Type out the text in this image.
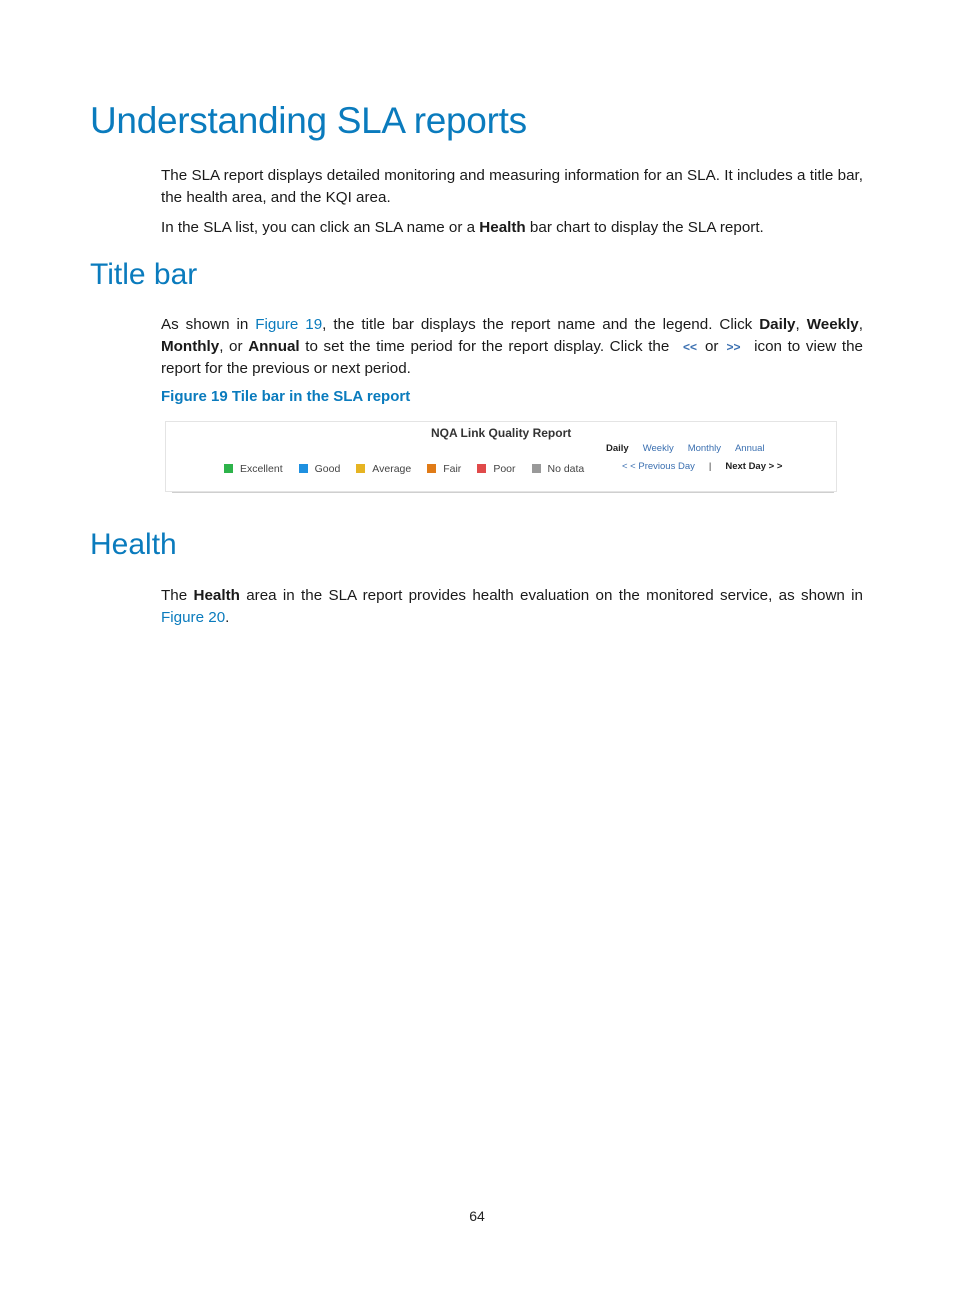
Understanding SLA reports

The SLA report displays detailed monitoring and measuring information for an SLA. It includes a title bar, the health area, and the KQI area.

In the SLA list, you can click an SLA name or a Health bar chart to display the SLA report.

Title bar

As shown in Figure 19, the title bar displays the report name and the legend. Click Daily, Weekly, Monthly, or Annual to set the time period for the report display. Click the << or >> icon to view the report for the previous or next period.

Figure 19 Tile bar in the SLA report

NQA Link Quality Report
Excellent	Good	Average	Fair	Poor	No data
Daily Weekly Monthly Annual
< < Previous Day | Next Day > >
Health

The Health area in the SLA report provides health evaluation on the monitored service, as shown in Figure 20.

64
